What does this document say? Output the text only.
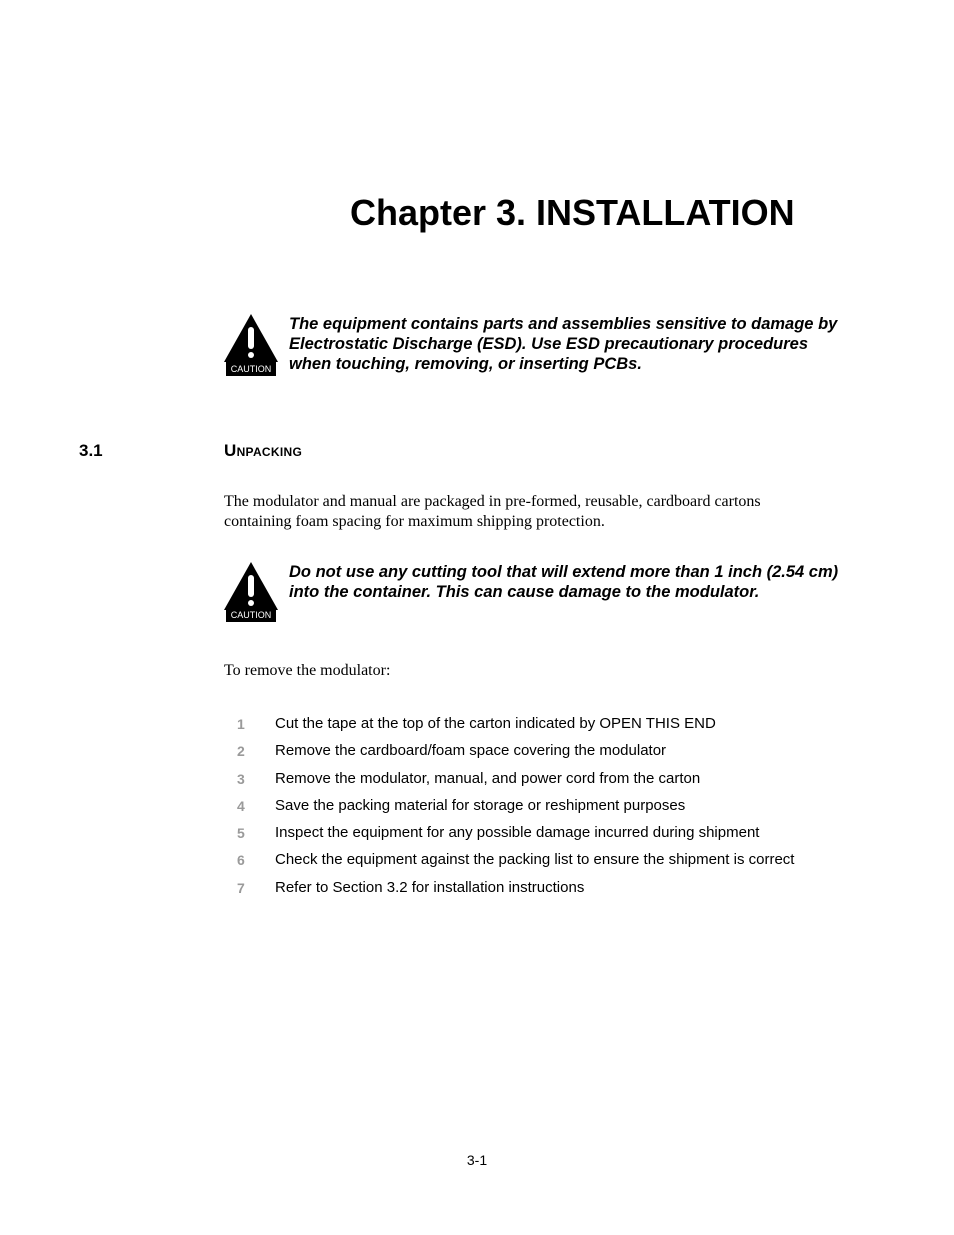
Chapter 3. INSTALLATION
CAUTION
The equipment contains parts and assemblies sensitive to damage by Electrostatic Discharge (ESD). Use ESD precautionary procedures when touching, removing, or inserting PCBs.
3.1	Unpacking

The modulator and manual are packaged in pre-formed, reusable, cardboard cartons containing foam spacing for maximum shipping protection.

CAUTION
Do not use any cutting tool that will extend more than 1 inch (2.54 cm) into the container. This can cause damage to the modulator.

To remove the modulator:

1 Cut the tape at the top of the carton indicated by OPEN THIS END
2 Remove the cardboard/foam space covering the modulator
3 Remove the modulator, manual, and power cord from the carton
4 Save the packing material for storage or reshipment purposes
5 Inspect the equipment for any possible damage incurred during shipment
6 Check the equipment against the packing list to ensure the shipment is correct
7 Refer to Section 3.2 for installation instructions
3-1
